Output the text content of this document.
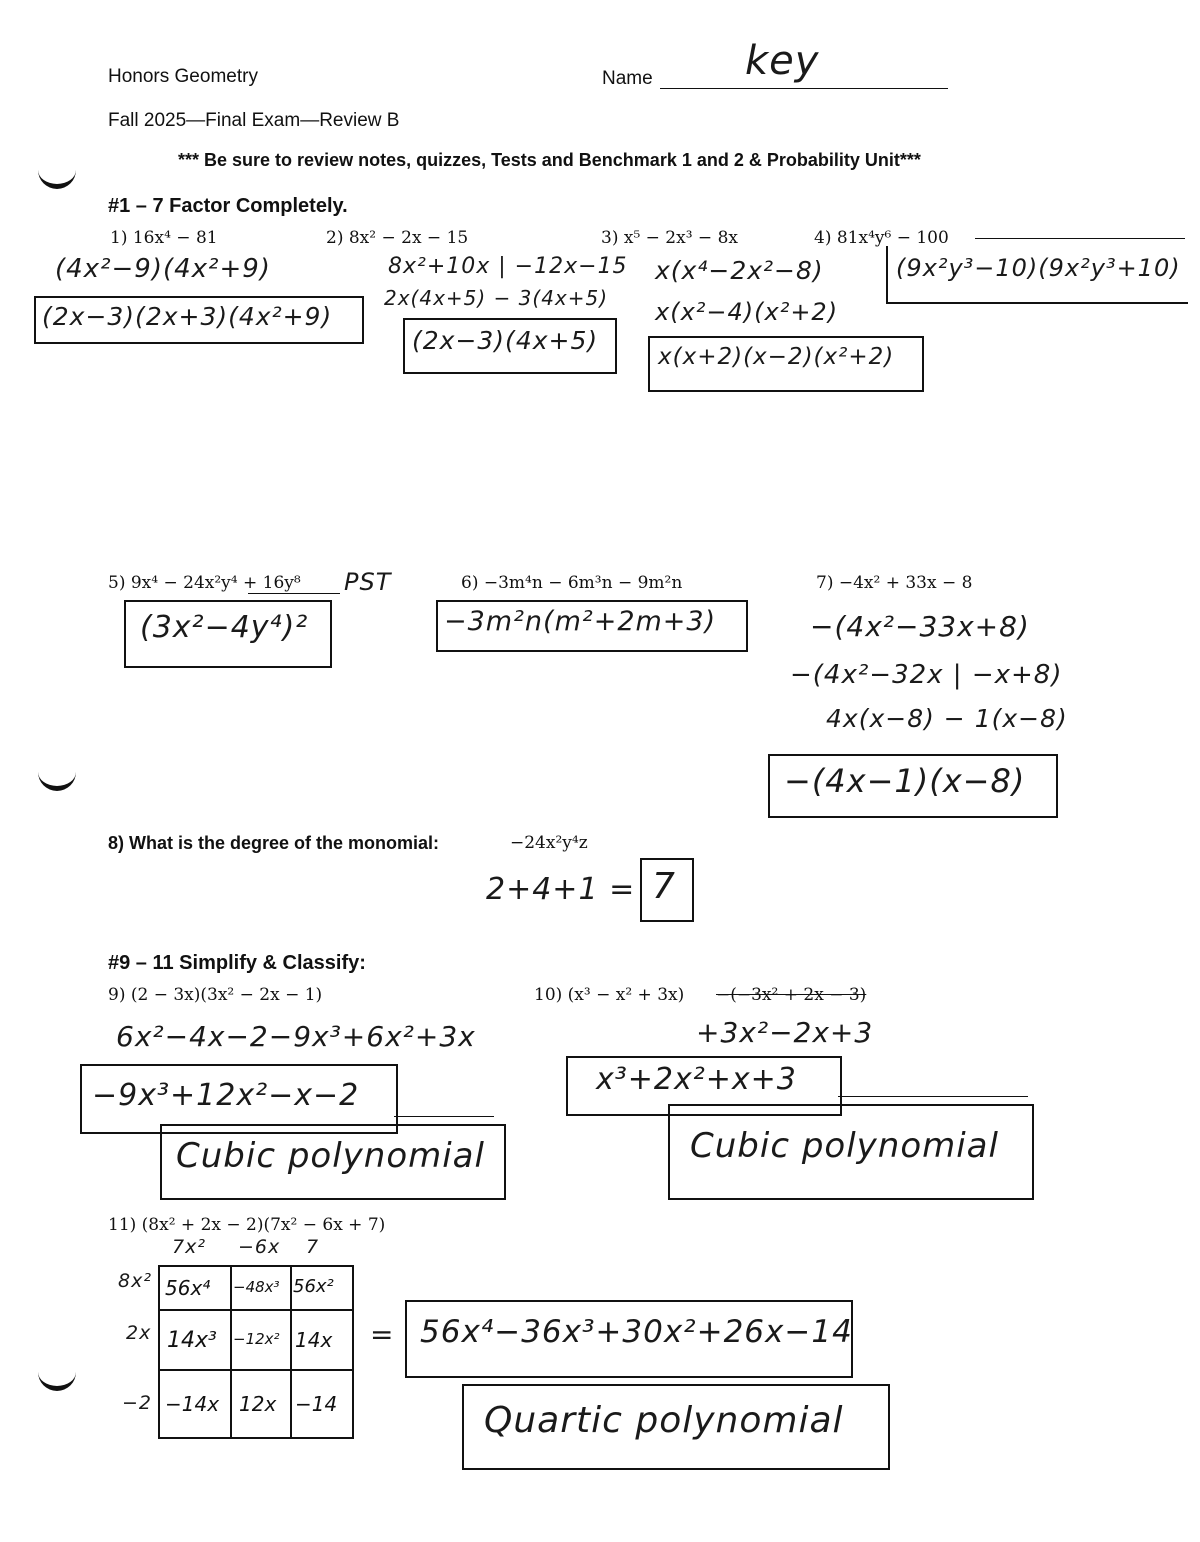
Honors Geometry
Fall 2025—Final Exam—Review B
Name key
*** Be sure to review notes, quizzes, Tests and Benchmark 1 and 2 & Probability Unit***
#1 – 7 Factor Completely.
1) 16x⁴ − 81
(4x²−9)(4x²+9)
(2x−3)(2x+3)(4x²+9)
2) 8x² − 2x − 15
8x²+10x | −12x−15
2x(4x+5) − 3(4x+5)
(2x−3)(4x+5)
3) x⁵ − 2x³ − 8x
x(x⁴−2x²−8)
x(x²−4)(x²+2)
x(x+2)(x−2)(x²+2)
4) 81x⁴y⁶ − 100
(9x²y³−10)(9x²y³+10)
5) 9x⁴ − 24x²y⁴ + 16y⁸ PST
(3x²−4y⁴)²
6) −3m⁴n − 6m³n − 9m²n
−3m²n(m²+2m+3)
7) −4x² + 33x − 8
−(4x²−33x+8)
−(4x²−32x | −x+8)
4x(x−8) − 1(x−8)
−(4x−1)(x−8)
8) What is the degree of the monomial:	−24x²y⁴z
2+4+1 = 7
#9 – 11 Simplify & Classify:
9) (2 − 3x)(3x² − 2x − 1)
6x²−4x−2−9x³+6x²+3x
−9x³+12x²−x−2
Cubic polynomial
10) (x³ − x² + 3x) −(−3x² + 2x − 3)
+3x²−2x+3
x³+2x²+x+3
Cubic polynomial
11) (8x² + 2x − 2)(7x² − 6x + 7)
7x² −6x 7
8x²
2x
−2
56x⁴ −48x³ 56x²
14x³ −12x² 14x
−14x 12x −14
= 56x⁴−36x³+30x²+26x−14
Quartic polynomial
